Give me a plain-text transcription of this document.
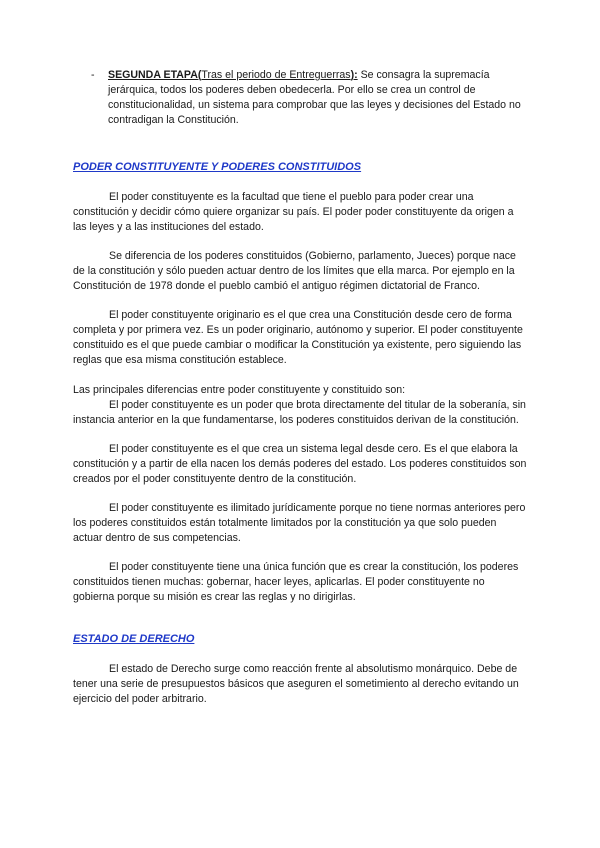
- SEGUNDA ETAPA(Tras el periodo de Entreguerras): Se consagra la supremacía jerárquica, todos los poderes deben obedecerla. Por ello se crea un control de constitucionalidad, un sistema para comprobar que las leyes y decisiones del Estado no contradigan la Constitución.

PODER CONSTITUYENTE Y PODERES CONSTITUIDOS

El poder constituyente es la facultad que tiene el pueblo para poder crear una constitución y decidir cómo quiere organizar su país. El poder poder constituyente da origen a las leyes y a las instituciones del estado.

Se diferencia de los poderes constituidos (Gobierno, parlamento, Jueces) porque nace de la constitución y sólo pueden actuar dentro de los límites que ella marca. Por ejemplo en la Constitución de 1978 donde el pueblo cambió el antiguo régimen dictatorial de Franco.

El poder constituyente originario es el que crea una Constitución desde cero de forma completa y por primera vez. Es un poder originario, autónomo y superior. El poder constituyente constituido es el que puede cambiar o modificar la Constitución ya existente, pero siguiendo las reglas que esa misma constitución establece.

Las principales diferencias entre poder constituyente y constituido son:

El poder constituyente es un poder que brota directamente del titular de la soberanía, sin instancia anterior en la que fundamentarse, los poderes constituidos derivan de la constitución.

El poder constituyente es el que crea un sistema legal desde cero. Es el que elabora la constitución y a partir de ella nacen los demás poderes del estado. Los poderes constituidos son creados por el poder constituyente dentro de la constitución.

El poder constituyente es ilimitado jurídicamente porque no tiene normas anteriores pero los poderes constituidos están totalmente limitados por la constitución ya que solo pueden actuar dentro de sus competencias.

El poder constituyente tiene una única función que es crear la constitución, los poderes constituidos tienen muchas: gobernar, hacer leyes, aplicarlas. El poder constituyente no gobierna porque su misión es crear las reglas y no dirigirlas.

ESTADO DE DERECHO

El estado de Derecho surge como reacción frente al absolutismo monárquico. Debe de tener una serie de presupuestos básicos que aseguren el sometimiento al derecho evitando un ejercicio del poder arbitrario.
